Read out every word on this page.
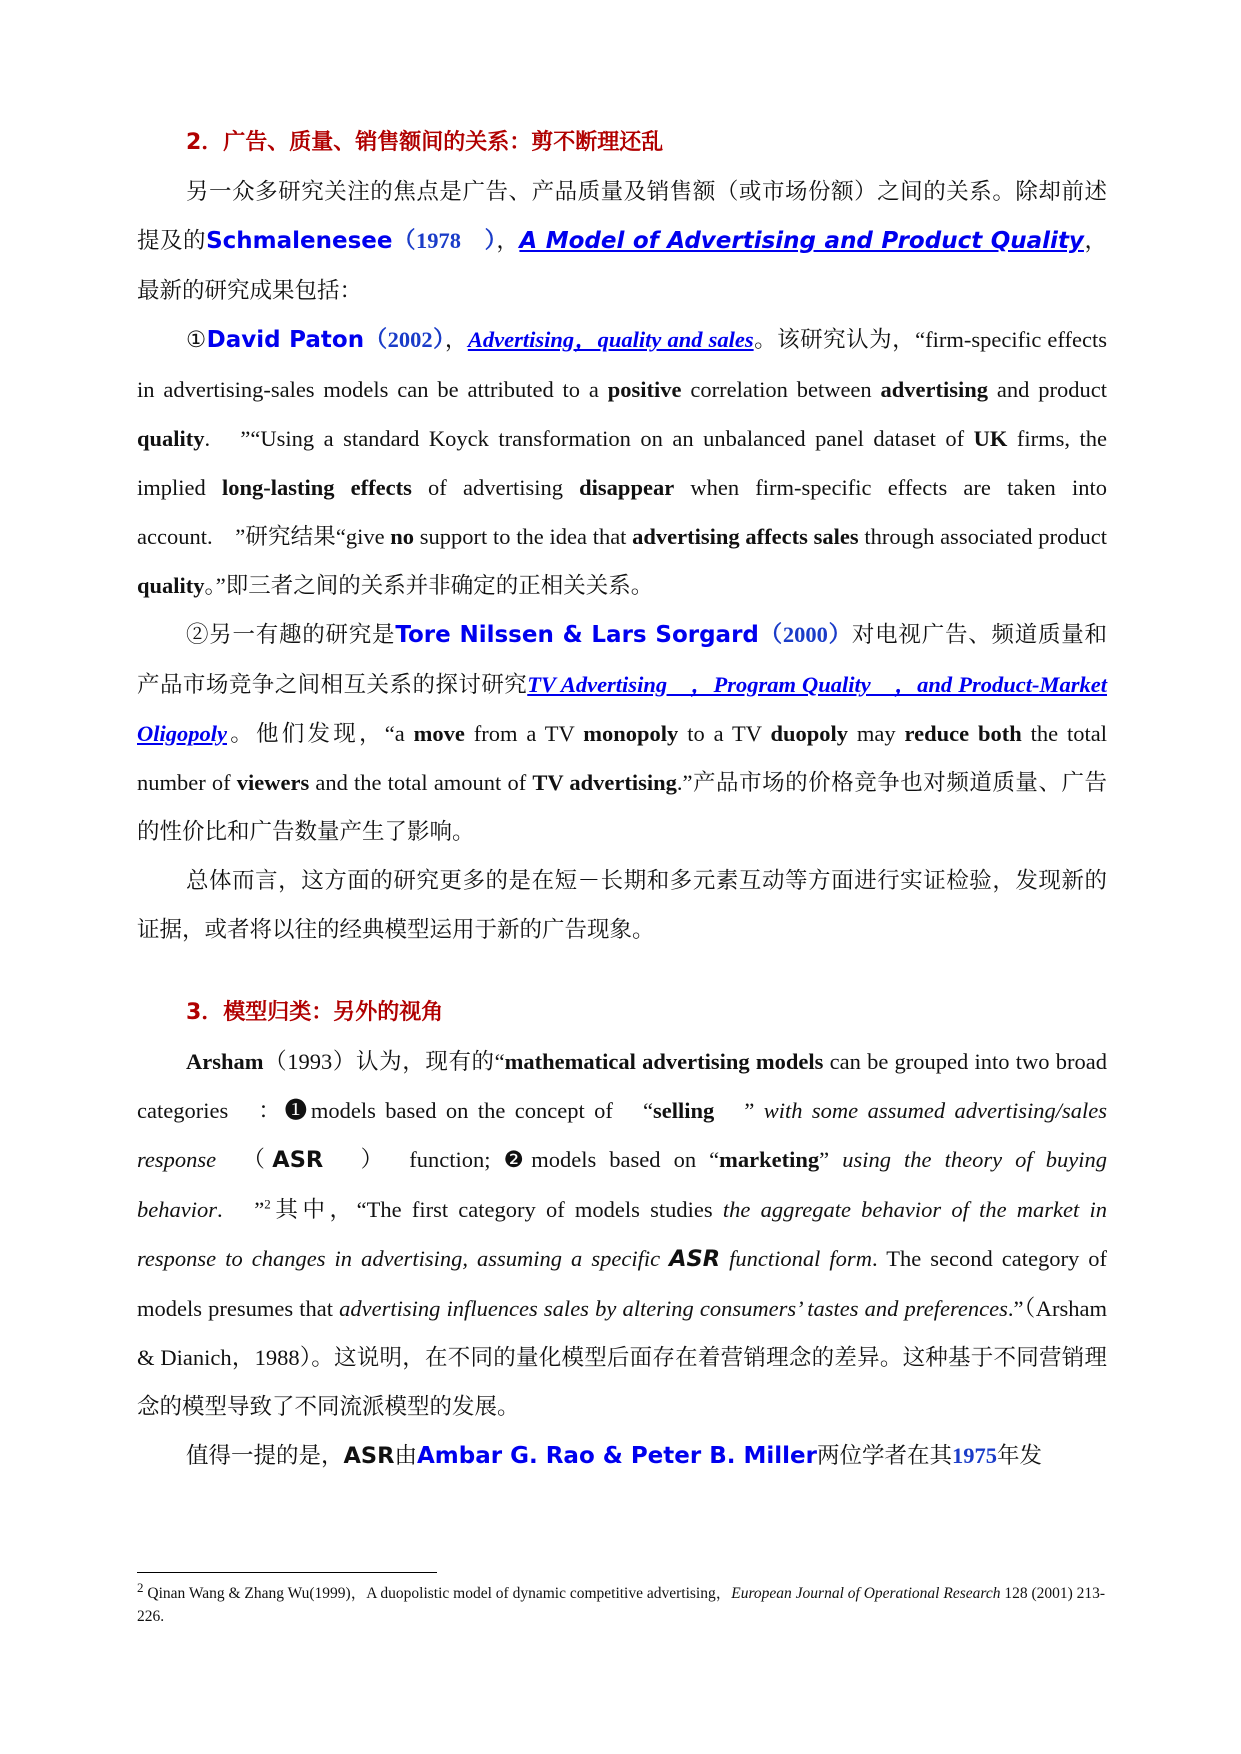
2．广告、质量、销售额间的关系：剪不断理还乱

另一众多研究关注的焦点是广告、产品质量及销售额（或市场份额）之间的关系。除却前述提及的Schmalenesee（1978　），A Model of Advertising and Product Quality，最新的研究成果包括：

①David Paton（2002），Advertising，quality and sales。该研究认为，“firm-specific effects in advertising-sales models can be attributed to a positive correlation between advertising and product quality.　”“Using a standard Koyck transformation on an unbalanced panel dataset of UK firms, the implied long-lasting effects of advertising disappear when firm-specific effects are taken into account.　”研究结果“give no support to the idea that advertising affects sales through associated product quality。”即三者之间的关系并非确定的正相关关系。

②另一有趣的研究是Tore Nilssen & Lars Sorgard（2000）对电视广告、频道质量和产品市场竞争之间相互关系的探讨研究TV Advertising　，Program Quality　，and Product-Market Oligopoly。他们发现，“a move from a TV monopoly to a TV duopoly may reduce both the total number of viewers and the total amount of TV advertising.”产品市场的价格竞争也对频道质量、广告的性价比和广告数量产生了影响。

总体而言，这方面的研究更多的是在短－长期和多元素互动等方面进行实证检验，发现新的证据，或者将以往的经典模型运用于新的广告现象。

3．模型归类：另外的视角

Arsham（1993）认为，现有的“mathematical advertising models can be grouped into two broad categories　：❶models based on the concept of　“selling　” with some assumed advertising/sales response　（ASR　）　function; ❷models based on “marketing” using the theory of buying behavior.　”$^2$其中，“The first category of models studies the aggregate behavior of the market in response to changes in advertising, assuming a specific ASR functional form. The second category of models presumes that advertising influences sales by altering consumers’ tastes and preferences.”（Arsham & Dianich，1988）。这说明，在不同的量化模型后面存在着营销理念的差异。这种基于不同营销理念的模型导致了不同流派模型的发展。

值得一提的是，ASR由Ambar G. Rao & Peter B. Miller两位学者在其1975年发

$^2$ Qinan Wang & Zhang Wu(1999)，A duopolistic model of dynamic competitive advertising，European Journal of Operational Research 128 (2001) 213-226.
